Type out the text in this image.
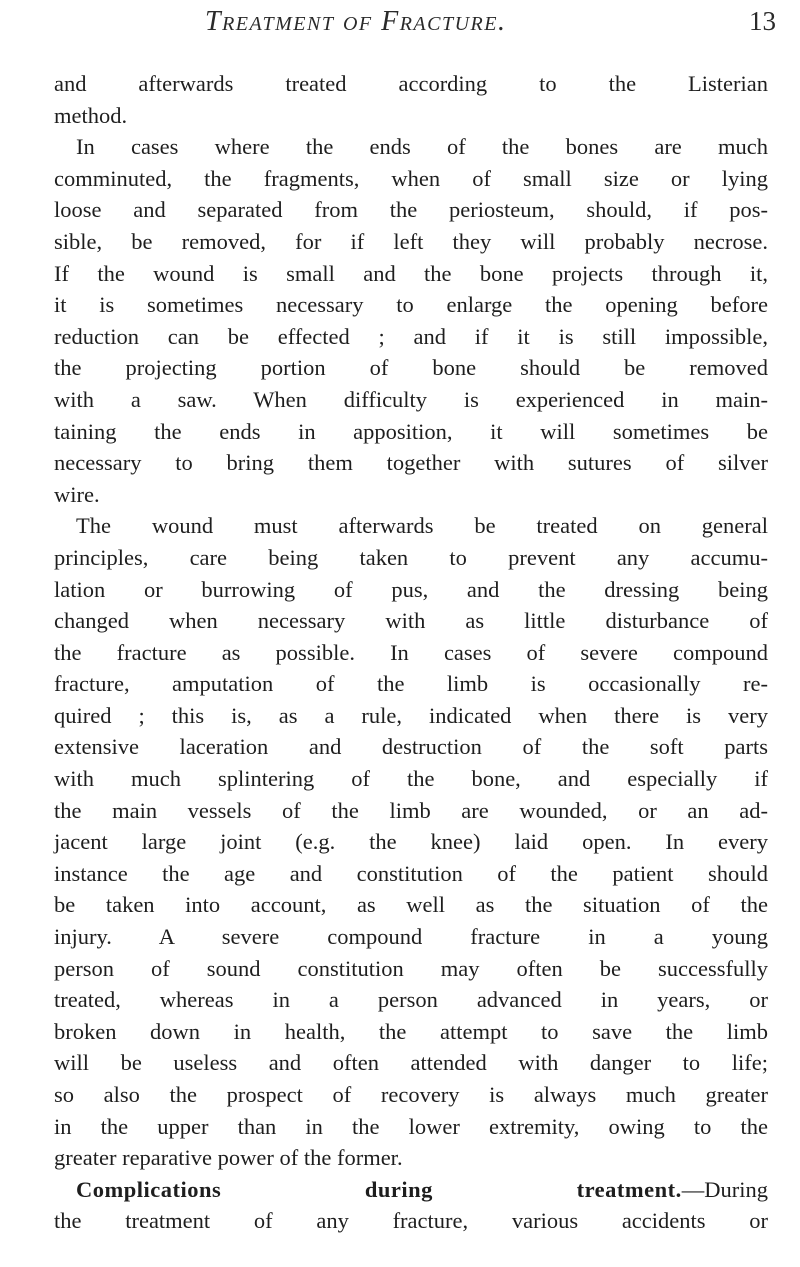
Treatment of Fracture.	13

and afterwards treated according to the Listerian
method.

In cases where the ends of the bones are much
comminuted, the fragments, when of small size or lying
loose and separated from the periosteum, should, if pos-
sible, be removed, for if left they will probably necrose.
If the wound is small and the bone projects through it,
it is sometimes necessary to enlarge the opening before
reduction can be effected ; and if it is still impossible,
the projecting portion of bone should be removed
with a saw. When difficulty is experienced in main-
taining the ends in apposition, it will sometimes be
necessary to bring them together with sutures of silver
wire.

The wound must afterwards be treated on general
principles, care being taken to prevent any accumu-
lation or burrowing of pus, and the dressing being
changed when necessary with as little disturbance of
the fracture as possible. In cases of severe compound
fracture, amputation of the limb is occasionally re-
quired ; this is, as a rule, indicated when there is very
extensive laceration and destruction of the soft parts
with much splintering of the bone, and especially if
the main vessels of the limb are wounded, or an ad-
jacent large joint (e.g. the knee) laid open. In every
instance the age and constitution of the patient should
be taken into account, as well as the situation of the
injury. A severe compound fracture in a young
person of sound constitution may often be successfully
treated, whereas in a person advanced in years, or
broken down in health, the attempt to save the limb
will be useless and often attended with danger to life;
so also the prospect of recovery is always much greater
in the upper than in the lower extremity, owing to the
greater reparative power of the former.

Complications during treatment.—During
the treatment of any fracture, various accidents or
